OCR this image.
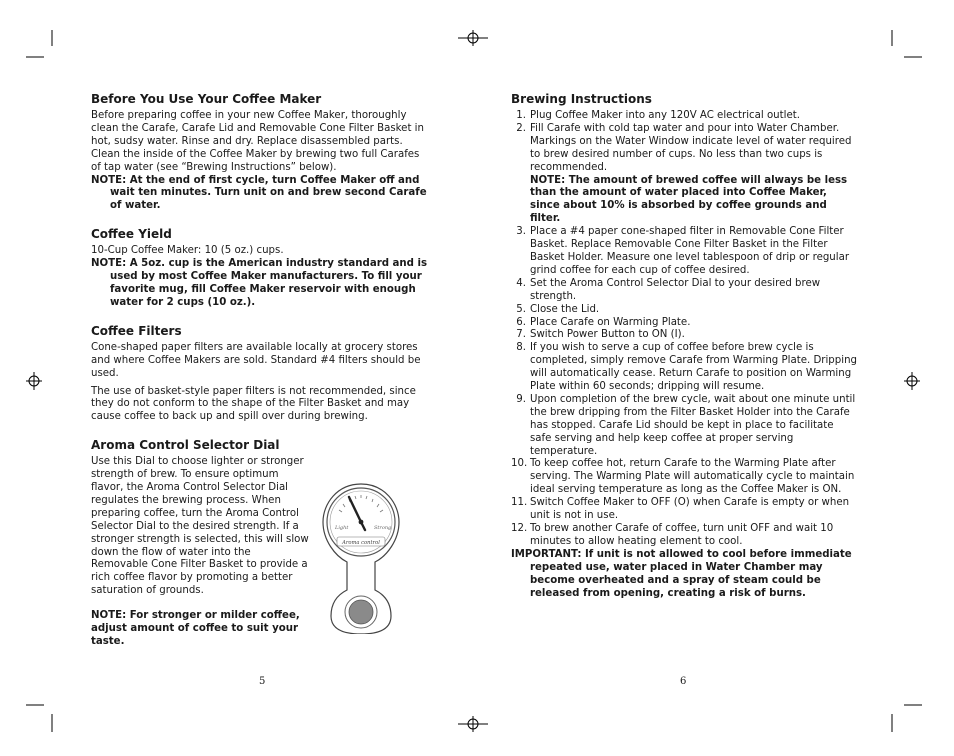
Before You Use Your Coffee Maker

Before preparing coffee in your new Coffee Maker, thoroughly clean the Carafe, Carafe Lid and Removable Cone Filter Basket in hot, sudsy water. Rinse and dry. Replace disassembled parts. Clean the inside of the Coffee Maker by brewing two full Carafes of tap water (see “Brewing Instructions” below).

NOTE: At the end of first cycle, turn Coffee Maker off and wait ten minutes. Turn unit on and brew second Carafe of water.

Coffee Yield

10-Cup Coffee Maker: 10 (5 oz.) cups.

NOTE: A 5oz. cup is the American industry standard and is used by most Coffee Maker manufacturers. To fill your favorite mug, fill Coffee Maker reservoir with enough water for 2 cups (10 oz.).

Coffee Filters

Cone-shaped paper filters are available locally at grocery stores and where Coffee Makers are sold. Standard #4 filters should be used.

The use of basket-style paper filters is not recommended, since they do not conform to the shape of the Filter Basket and may cause coffee to back up and spill over during brewing.

Aroma Control Selector Dial

Use this Dial to choose lighter or stronger strength of brew. To ensure optimum flavor, the Aroma Control Selector Dial regulates the brewing process. When preparing coffee, turn the Aroma Control Selector Dial to the desired strength. If a stronger strength is selected, this will slow down the flow of water into the Removable Cone Filter Basket to provide a rich coffee flavor by promoting a better saturation of grounds.

NOTE: For stronger or milder coffee, adjust amount of coffee to suit your taste.

Light	Strong
Aroma control
5
Brewing Instructions
1. Plug Coffee Maker into any 120V AC electrical outlet.
2. Fill Carafe with cold tap water and pour into Water Chamber. Markings on the Water Window indicate level of water required to brew desired number of cups. No less than two cups is recommended.
NOTE: The amount of brewed coffee will always be less than the amount of water placed into Coffee Maker, since about 10% is absorbed by coffee grounds and filter.
3. Place a #4 paper cone-shaped filter in Removable Cone Filter Basket. Replace Removable Cone Filter Basket in the Filter Basket Holder. Measure one level tablespoon of drip or regular grind coffee for each cup of coffee desired.
4. Set the Aroma Control Selector Dial to your desired brew strength.
5. Close the Lid.
6. Place Carafe on Warming Plate.
7. Switch Power Button to ON (I).
8. If you wish to serve a cup of coffee before brew cycle is completed, simply remove Carafe from Warming Plate. Dripping will automatically cease. Return Carafe to position on Warming Plate within 60 seconds; dripping will resume.
9. Upon completion of the brew cycle, wait about one minute until the brew dripping from the Filter Basket Holder into the Carafe has stopped. Carafe Lid should be kept in place to facilitate safe serving and help keep coffee at proper serving temperature.
10. To keep coffee hot, return Carafe to the Warming Plate after serving. The Warming Plate will automatically cycle to maintain ideal serving temperature as long as the Coffee Maker is ON.
11. Switch Coffee Maker to OFF (O) when Carafe is empty or when unit is not in use.
12. To brew another Carafe of coffee, turn unit OFF and wait 10 minutes to allow heating element to cool.

IMPORTANT: If unit is not allowed to cool before immediate repeated use, water placed in Water Chamber may become overheated and a spray of steam could be released from opening, creating a risk of burns.

6
